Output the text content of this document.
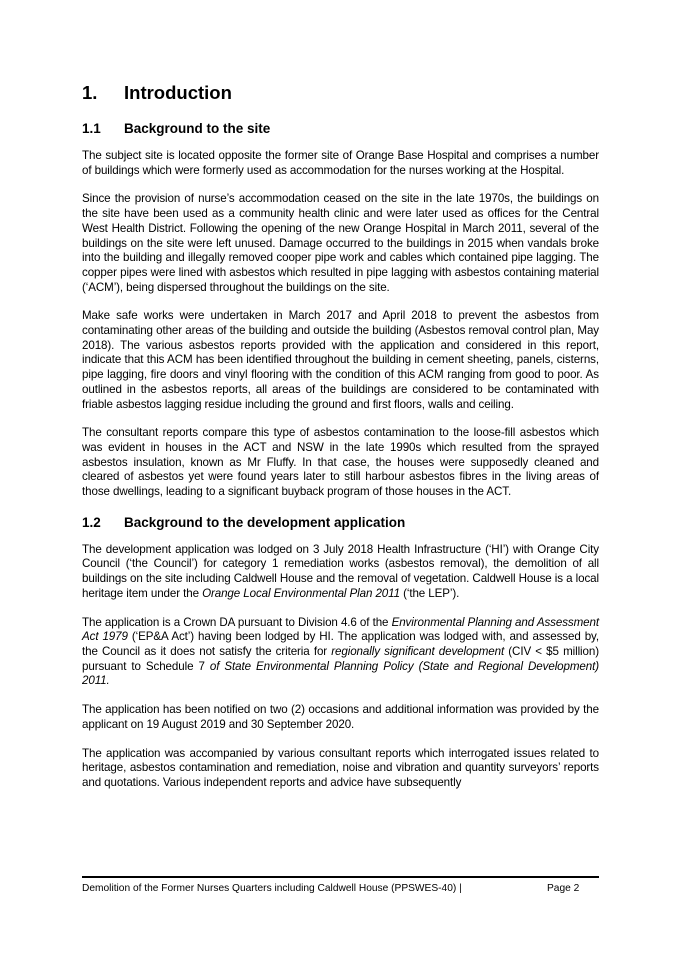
1.	Introduction
1.1	Background to the site

The subject site is located opposite the former site of Orange Base Hospital and comprises a number of buildings which were formerly used as accommodation for the nurses working at the Hospital.

Since the provision of nurse’s accommodation ceased on the site in the late 1970s, the buildings on the site have been used as a community health clinic and were later used as offices for the Central West Health District. Following the opening of the new Orange Hospital in March 2011, several of the buildings on the site were left unused. Damage occurred to the buildings in 2015 when vandals broke into the building and illegally removed cooper pipe work and cables which contained pipe lagging. The copper pipes were lined with asbestos which resulted in pipe lagging with asbestos containing material (‘ACM’), being dispersed throughout the buildings on the site.

Make safe works were undertaken in March 2017 and April 2018 to prevent the asbestos from contaminating other areas of the building and outside the building (Asbestos removal control plan, May 2018). The various asbestos reports provided with the application and considered in this report, indicate that this ACM has been identified throughout the building in cement sheeting, panels, cisterns, pipe lagging, fire doors and vinyl flooring with the condition of this ACM ranging from good to poor. As outlined in the asbestos reports, all areas of the buildings are considered to be contaminated with friable asbestos lagging residue including the ground and first floors, walls and ceiling.

The consultant reports compare this type of asbestos contamination to the loose-fill asbestos which was evident in houses in the ACT and NSW in the late 1990s which resulted from the sprayed asbestos insulation, known as Mr Fluffy. In that case, the houses were supposedly cleaned and cleared of asbestos yet were found years later to still harbour asbestos fibres in the living areas of those dwellings, leading to a significant buyback program of those houses in the ACT.

1.2	Background to the development application

The development application was lodged on 3 July 2018 Health Infrastructure (‘HI’) with Orange City Council (‘the Council’) for category 1 remediation works (asbestos removal), the demolition of all buildings on the site including Caldwell House and the removal of vegetation. Caldwell House is a local heritage item under the Orange Local Environmental Plan 2011 (‘the LEP’).

The application is a Crown DA pursuant to Division 4.6 of the Environmental Planning and Assessment Act 1979 (‘EP&A Act’) having been lodged by HI. The application was lodged with, and assessed by, the Council as it does not satisfy the criteria for regionally significant development (CIV < $5 million) pursuant to Schedule 7 of State Environmental Planning Policy (State and Regional Development) 2011.

The application has been notified on two (2) occasions and additional information was provided by the applicant on 19 August 2019 and 30 September 2020.

The application was accompanied by various consultant reports which interrogated issues related to heritage, asbestos contamination and remediation, noise and vibration and quantity surveyors’ reports and quotations. Various independent reports and advice have subsequently

Demolition of the Former Nurses Quarters including Caldwell House (PPSWES-40) |	Page 2
